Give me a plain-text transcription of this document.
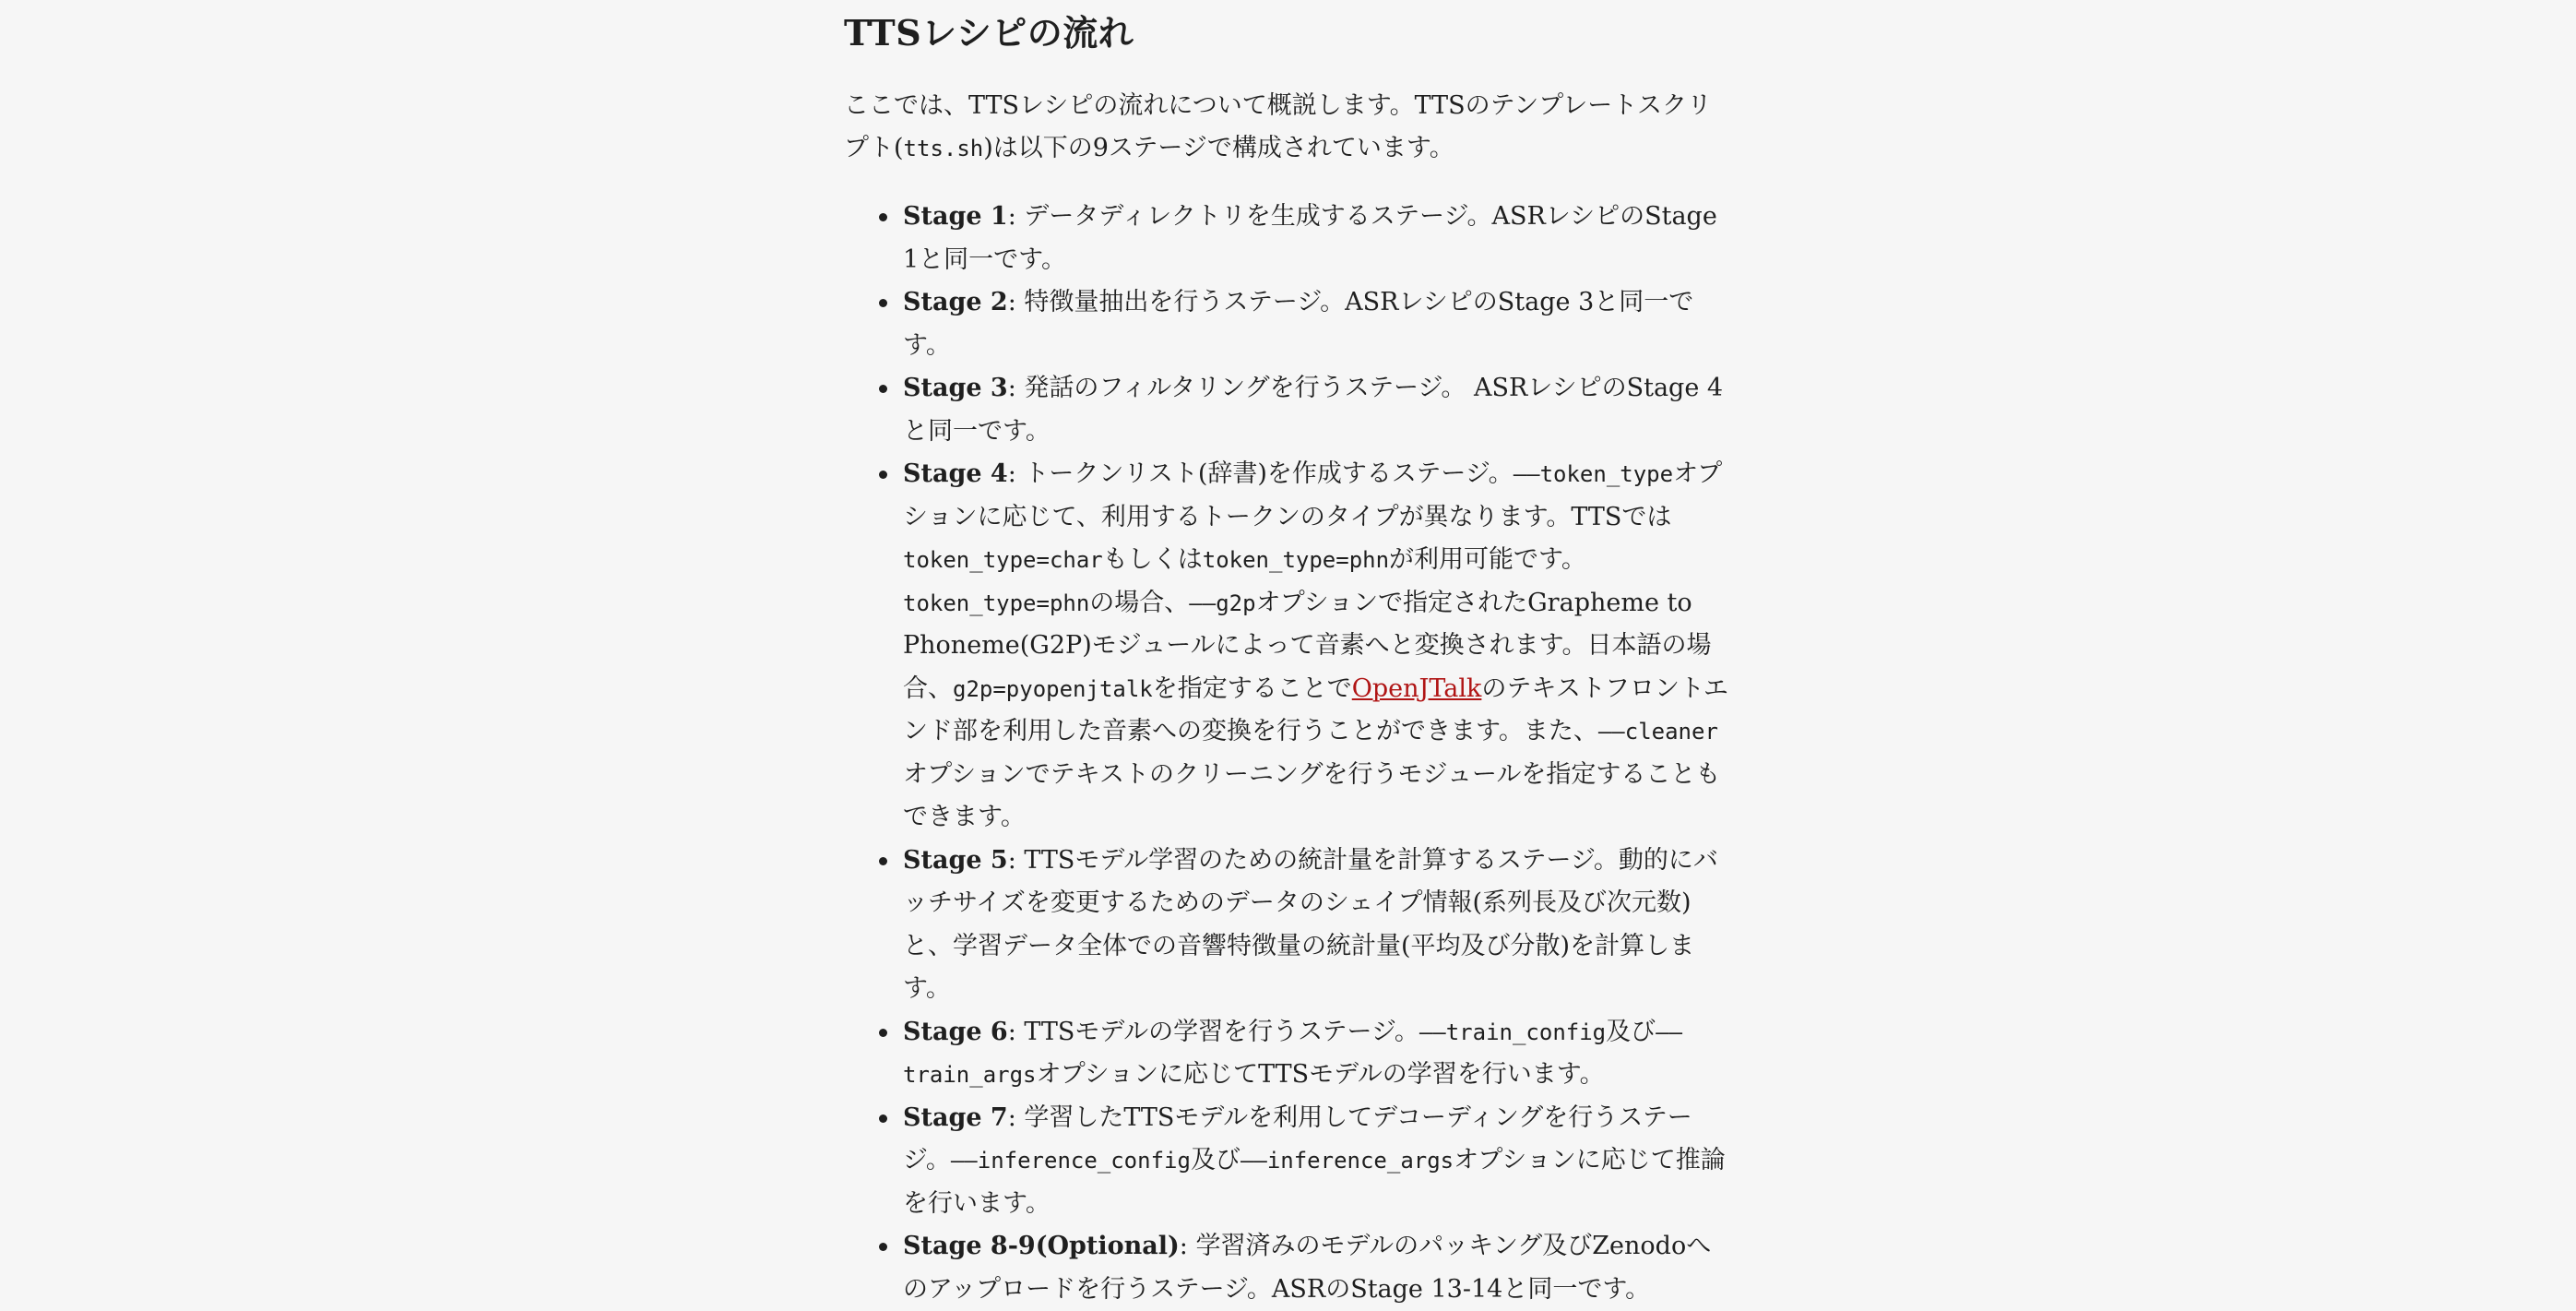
TTSレシピの流れ

ここでは、TTSレシピの流れについて概説します。TTSのテンプレートスクリプト(tts.sh)は以下の9ステージで構成されています。

Stage 1: データディレクトリを生成するステージ。ASRレシピのStage 1と同一です。
Stage 2: 特徴量抽出を行うステージ。ASRレシピのStage 3と同一です。
Stage 3: 発話のフィルタリングを行うステージ。 ASRレシピのStage 4と同一です。
Stage 4: トークンリスト(辞書)を作成するステージ。––token_typeオプションに応じて、利用するトークンのタイプが異なります。TTSではtoken_type=charもしくはtoken_type=phnが利用可能です。token_type=phnの場合、––g2pオプションで指定されたGrapheme to Phoneme(G2P)モジュールによって音素へと変換されます。日本語の場合、g2p=pyopenjtalkを指定することでOpenJTalkのテキストフロントエンド部を利用した音素への変換を行うことができます。また、––cleanerオプションでテキストのクリーニングを行うモジュールを指定することもできます。
Stage 5: TTSモデル学習のための統計量を計算するステージ。動的にバッチサイズを変更するためのデータのシェイプ情報(系列長及び次元数)と、学習データ全体での音響特徴量の統計量(平均及び分散)を計算します。
Stage 6: TTSモデルの学習を行うステージ。––train_config及び––train_argsオプションに応じてTTSモデルの学習を行います。
Stage 7: 学習したTTSモデルを利用してデコーディングを行うステージ。––inference_config及び––inference_argsオプションに応じて推論を行います。
Stage 8-9(Optional): 学習済みのモデルのパッキング及びZenodoへのアップロードを行うステージ。ASRのStage 13-14と同一です。
